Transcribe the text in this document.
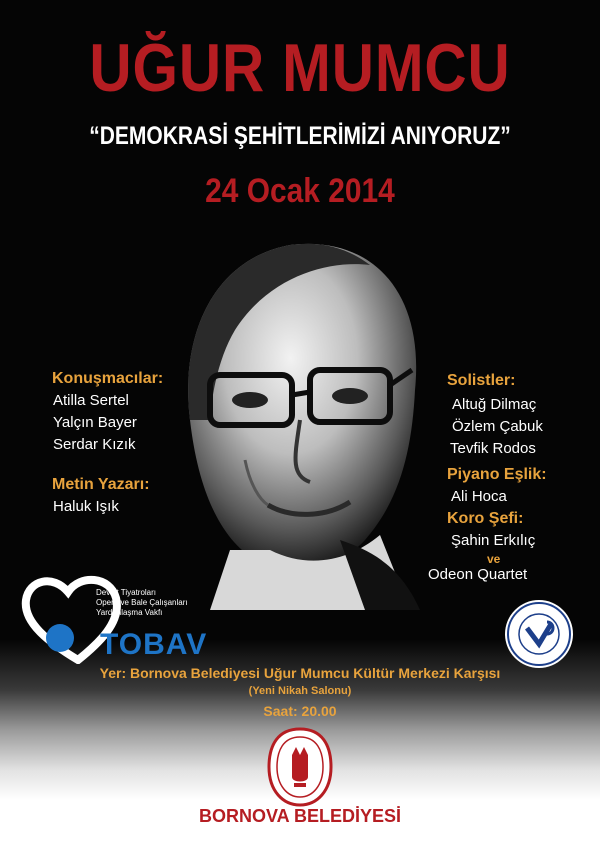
UĞUR MUMCU
“DEMOKRASİ ŞEHİTLERİMİZİ ANIYORUZ”
24 Ocak 2014
Konuşmacılar:
Atilla Sertel
Yalçın Bayer
Serdar Kızık
Metin Yazarı:
Haluk Işık
Solistler:
Altuğ Dilmaç
Özlem Çabuk
Tevfik Rodos
Piyano Eşlik:
Ali Hoca
Koro Şefi:
Şahin Erkılıç
ve
Odeon Quartet
Devlet Tiyatroları
Opera ve Bale Çalışanları
Yardımlaşma Vakfı
TOBAV
Yer: Bornova Belediyesi Uğur Mumcu Kültür Merkezi Karşısı
(Yeni Nikah Salonu)
Saat: 20.00
BORNOVA BELEDİYESİ
